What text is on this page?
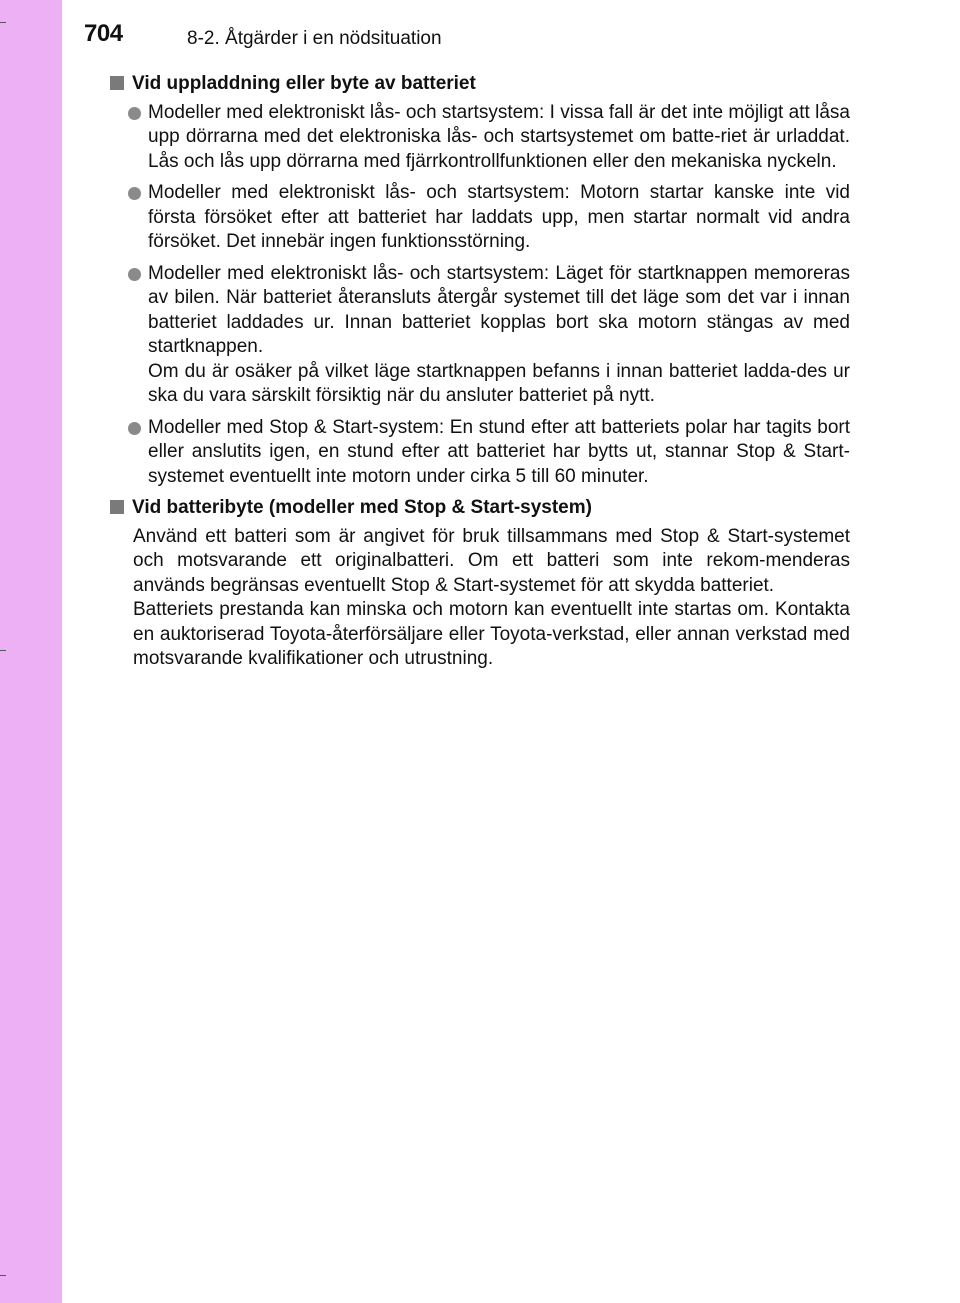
704	8-2. Åtgärder i en nödsituation
Vid uppladdning eller byte av batteriet
Modeller med elektroniskt lås- och startsystem: I vissa fall är det inte möjligt att låsa upp dörrarna med det elektroniska lås- och startsystemet om batte-riet är urladdat. Lås och lås upp dörrarna med fjärrkontrollfunktionen eller den mekaniska nyckeln.
Modeller med elektroniskt lås- och startsystem: Motorn startar kanske inte vid första försöket efter att batteriet har laddats upp, men startar normalt vid andra försöket. Det innebär ingen funktionsstörning.
Modeller med elektroniskt lås- och startsystem: Läget för startknappen memoreras av bilen. När batteriet återansluts återgår systemet till det läge som det var i innan batteriet laddades ur. Innan batteriet kopplas bort ska motorn stängas av med startknappen.
Om du är osäker på vilket läge startknappen befanns i innan batteriet ladda-des ur ska du vara särskilt försiktig när du ansluter batteriet på nytt.
Modeller med Stop & Start-system: En stund efter att batteriets polar har tagits bort eller anslutits igen, en stund efter att batteriet har bytts ut, stannar Stop & Start-systemet eventuellt inte motorn under cirka 5 till 60 minuter.
Vid batteribyte (modeller med Stop & Start-system)
Använd ett batteri som är angivet för bruk tillsammans med Stop & Start-systemet och motsvarande ett originalbatteri. Om ett batteri som inte rekom-menderas används begränsas eventuellt Stop & Start-systemet för att skydda batteriet.
Batteriets prestanda kan minska och motorn kan eventuellt inte startas om. Kontakta en auktoriserad Toyota-återförsäljare eller Toyota-verkstad, eller annan verkstad med motsvarande kvalifikationer och utrustning.
